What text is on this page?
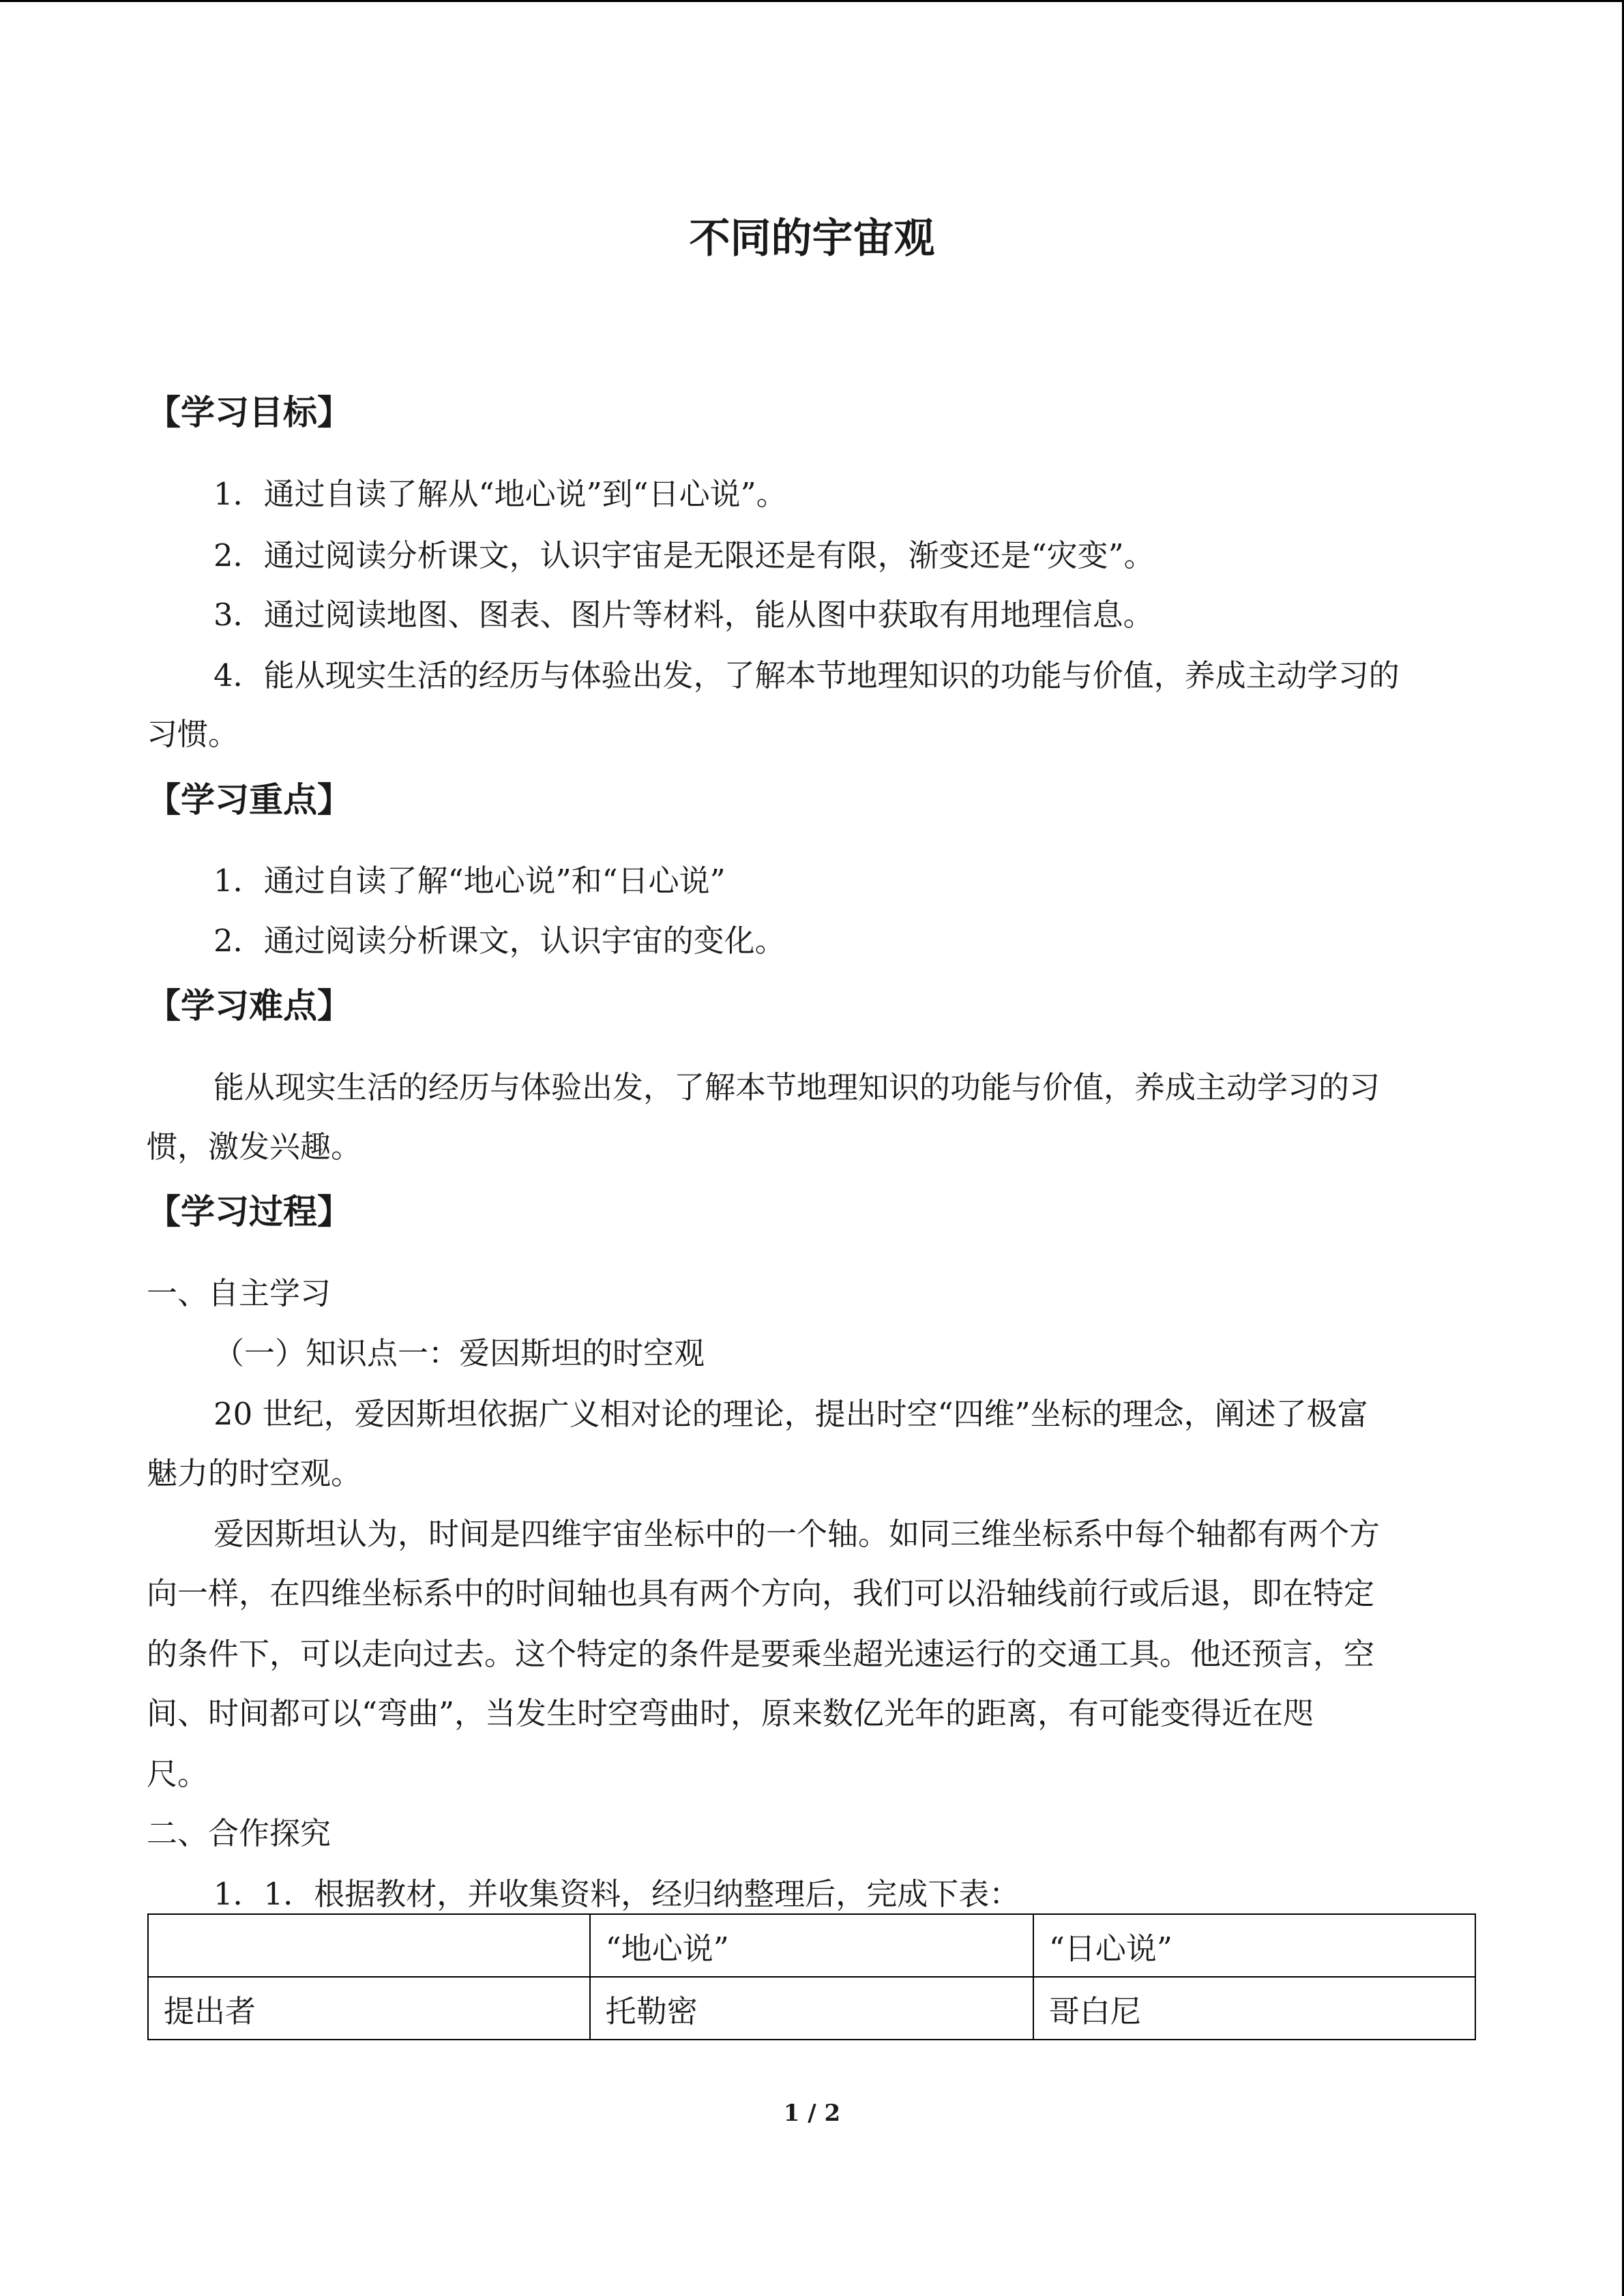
不同的宇宙观
【学习目标】

1．通过自读了解从“地心说”到“日心说”。

2．通过阅读分析课文，认识宇宙是无限还是有限，渐变还是“灾变”。

3．通过阅读地图、图表、图片等材料，能从图中获取有用地理信息。

4．能从现实生活的经历与体验出发，了解本节地理知识的功能与价值，养成主动学习的

习惯。

【学习重点】

1．通过自读了解“地心说”和“日心说”

2．通过阅读分析课文，认识宇宙的变化。

【学习难点】

能从现实生活的经历与体验出发，了解本节地理知识的功能与价值，养成主动学习的习

惯，激发兴趣。

【学习过程】

一、自主学习

（一）知识点一：爱因斯坦的时空观

20 世纪，爱因斯坦依据广义相对论的理论，提出时空“四维”坐标的理念，阐述了极富

魅力的时空观。

爱因斯坦认为，时间是四维宇宙坐标中的一个轴。如同三维坐标系中每个轴都有两个方

向一样，在四维坐标系中的时间轴也具有两个方向，我们可以沿轴线前行或后退，即在特定

的条件下，可以走向过去。这个特定的条件是要乘坐超光速运行的交通工具。他还预言，空

间、时间都可以“弯曲”，当发生时空弯曲时，原来数亿光年的距离，有可能变得近在咫

尺。

二、合作探究

1．1．根据教材，并收集资料，经归纳整理后，完成下表：

	“地心说”	“日心说”
提出者	托勒密	哥白尼

1 / 2
